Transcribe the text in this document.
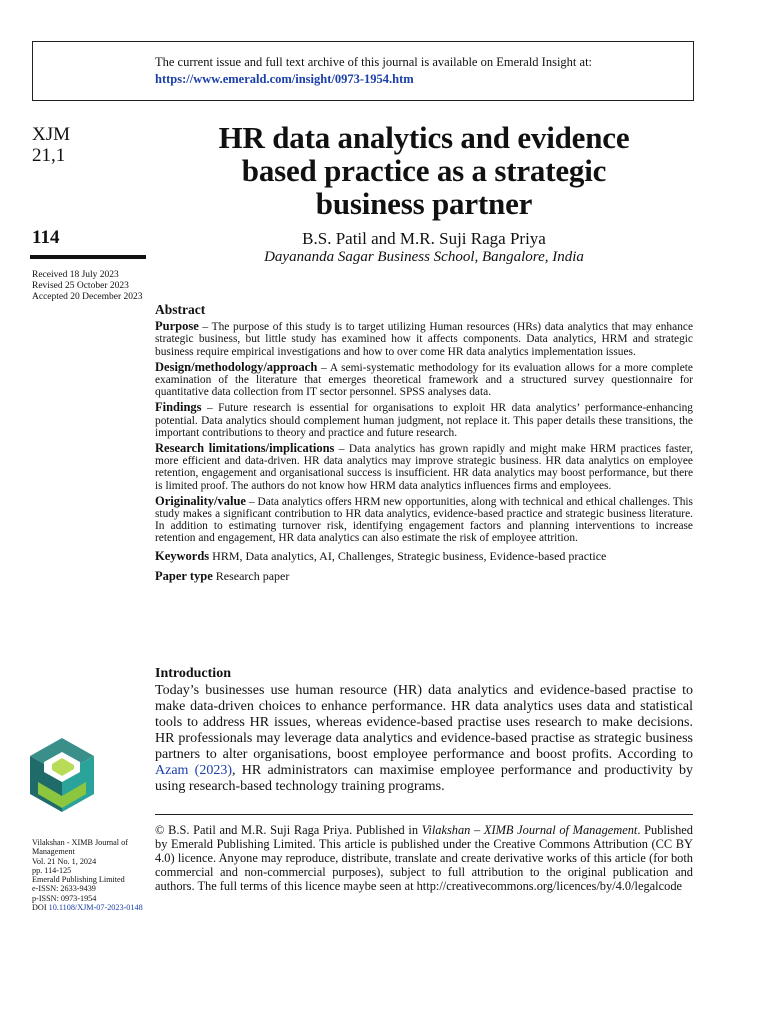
The current issue and full text archive of this journal is available on Emerald Insight at:
https://www.emerald.com/insight/0973-1954.htm
XJM
21,1
114
Received 18 July 2023
Revised 25 October 2023
Accepted 20 December 2023
HR data analytics and evidence
based practice as a strategic
business partner
B.S. Patil and M.R. Suji Raga Priya
Dayananda Sagar Business School, Bangalore, India
Abstract

Purpose – The purpose of this study is to target utilizing Human resources (HRs) data analytics that may enhance strategic business, but little study has examined how it affects components. Data analytics, HRM and strategic business require empirical investigations and how to over come HR data analytics implementation issues.

Design/methodology/approach – A semi-systematic methodology for its evaluation allows for a more complete examination of the literature that emerges theoretical framework and a structured survey questionnaire for quantitative data collection from IT sector personnel. SPSS analyses data.

Findings – Future research is essential for organisations to exploit HR data analytics’ performance-enhancing potential. Data analytics should complement human judgment, not replace it. This paper details these transitions, the important contributions to theory and practice and future research.

Research limitations/implications – Data analytics has grown rapidly and might make HRM practices faster, more efficient and data-driven. HR data analytics may improve strategic business. HR data analytics on employee retention, engagement and organisational success is insufficient. HR data analytics may boost performance, but there is limited proof. The authors do not know how HRM data analytics influences firms and employees.

Originality/value – Data analytics offers HRM new opportunities, along with technical and ethical challenges. This study makes a significant contribution to HR data analytics, evidence-based practice and strategic business literature. In addition to estimating turnover risk, identifying engagement factors and planning interventions to increase retention and engagement, HR data analytics can also estimate the risk of employee attrition.

Keywords HRM, Data analytics, AI, Challenges, Strategic business, Evidence-based practice

Paper type Research paper

Introduction

Today’s businesses use human resource (HR) data analytics and evidence-based practise to make data-driven choices to enhance performance. HR data analytics uses data and statistical tools to address HR issues, whereas evidence-based practise uses research to make decisions. HR professionals may leverage data analytics and evidence-based practise as strategic business partners to alter organisations, boost employee performance and boost profits. According to Azam (2023), HR administrators can maximise employee performance and productivity by using research-based technology training programs.

© B.S. Patil and M.R. Suji Raga Priya. Published in Vilakshan – XIMB Journal of Management. Published by Emerald Publishing Limited. This article is published under the Creative Commons Attribution (CC BY 4.0) licence. Anyone may reproduce, distribute, translate and create derivative works of this article (for both commercial and non-commercial purposes), subject to full attribution to the original publication and authors. The full terms of this licence maybe seen at http://creativecommons.org/licences/by/4.0/legalcode
Vilakshan - XIMB Journal of Management
Vol. 21 No. 1, 2024
pp. 114-125
Emerald Publishing Limited
e-ISSN: 2633-9439
p-ISSN: 0973-1954
DOI 10.1108/XJM-07-2023-0148
